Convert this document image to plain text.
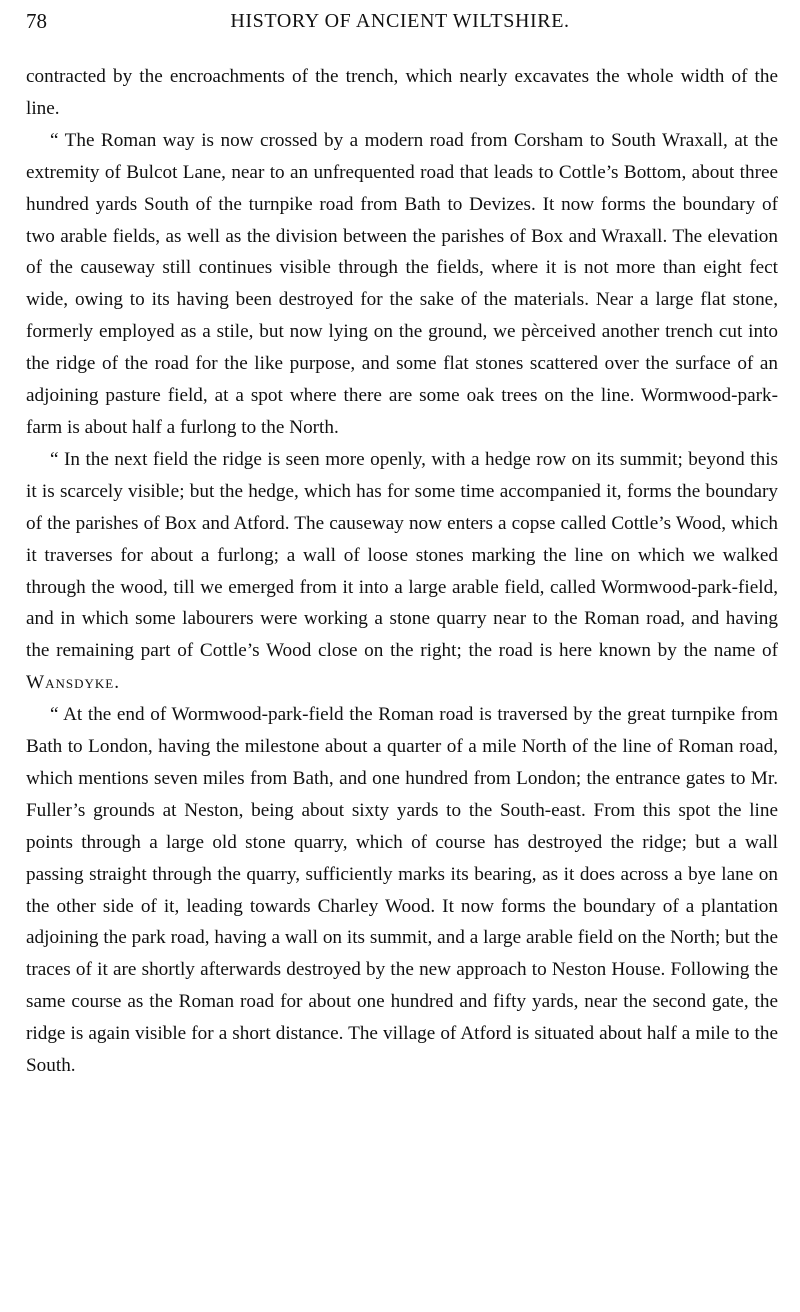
78	HISTORY OF ANCIENT WILTSHIRE.

contracted by the encroachments of the trench, which nearly excavates the whole width of the line.

“ The Roman way is now crossed by a modern road from Corsham to South Wraxall, at the extremity of Bulcot Lane, near to an unfrequented road that leads to Cottle’s Bottom, about three hundred yards South of the turnpike road from Bath to Devizes. It now forms the boundary of two arable fields, as well as the division between the parishes of Box and Wraxall. The elevation of the causeway still continues visible through the fields, where it is not more than eight fect wide, owing to its having been destroyed for the sake of the materials. Near a large flat stone, formerly employed as a stile, but now lying on the ground, we pèrceived another trench cut into the ridge of the road for the like purpose, and some flat stones scattered over the surface of an adjoining pasture field, at a spot where there are some oak trees on the line. Wormwood-park-farm is about half a furlong to the North.

“ In the next field the ridge is seen more openly, with a hedge row on its summit; beyond this it is scarcely visible; but the hedge, which has for some time accompanied it, forms the boundary of the parishes of Box and Atford. The causeway now enters a copse called Cottle’s Wood, which it traverses for about a furlong; a wall of loose stones marking the line on which we walked through the wood, till we emerged from it into a large arable field, called Wormwood-park-field, and in which some labourers were working a stone quarry near to the Roman road, and having the remaining part of Cottle’s Wood close on the right; the road is here known by the name of Wansdyke.

“ At the end of Wormwood-park-field the Roman road is traversed by the great turnpike from Bath to London, having the milestone about a quarter of a mile North of the line of Roman road, which mentions seven miles from Bath, and one hundred from London; the entrance gates to Mr. Fuller’s grounds at Neston, being about sixty yards to the South-east. From this spot the line points through a large old stone quarry, which of course has destroyed the ridge; but a wall passing straight through the quarry, sufficiently marks its bearing, as it does across a bye lane on the other side of it, leading towards Charley Wood. It now forms the boundary of a plantation adjoining the park road, having a wall on its summit, and a large arable field on the North; but the traces of it are shortly afterwards destroyed by the new approach to Neston House. Following the same course as the Roman road for about one hundred and fifty yards, near the second gate, the ridge is again visible for a short distance. The village of Atford is situated about half a mile to the South.
